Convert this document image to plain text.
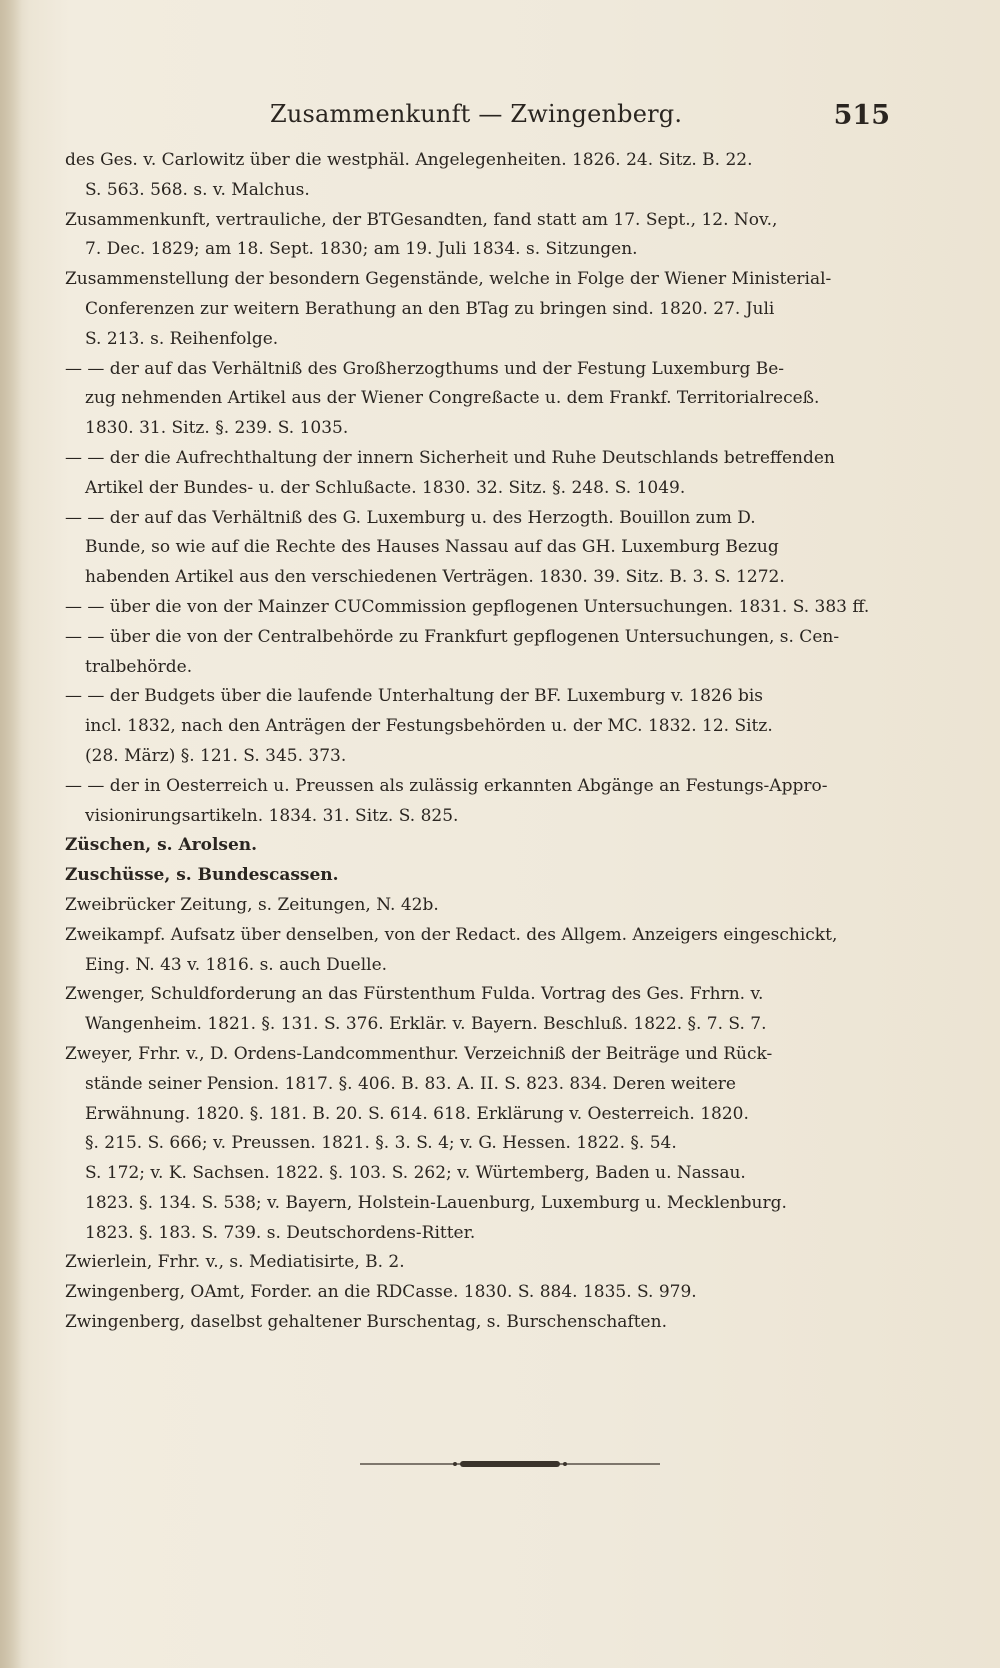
Zusammenkunft — Zwingenberg.	515

des Ges. v. Carlowitz über die westphäl. Angelegenheiten. 1826. 24. Sitz. B. 22.
S. 563. 568. s. v. Malchus.

Zusammenkunft, vertrauliche, der BTGesandten, fand statt am 17. Sept., 12. Nov.,
7. Dec. 1829; am 18. Sept. 1830; am 19. Juli 1834. s. Sitzungen.

Zusammenstellung der besondern Gegenstände, welche in Folge der Wiener Ministerial-
Conferenzen zur weitern Berathung an den BTag zu bringen sind. 1820. 27. Juli
S. 213. s. Reihenfolge.

— — der auf das Verhältniß des Großherzogthums und der Festung Luxemburg Be-
zug nehmenden Artikel aus der Wiener Congreßacte u. dem Frankf. Territorialreceß.
1830. 31. Sitz. §. 239. S. 1035.

— — der die Aufrechthaltung der innern Sicherheit und Ruhe Deutschlands betreffenden
Artikel der Bundes- u. der Schlußacte. 1830. 32. Sitz. §. 248. S. 1049.

— — der auf das Verhältniß des G. Luxemburg u. des Herzogth. Bouillon zum D.
Bunde, so wie auf die Rechte des Hauses Nassau auf das GH. Luxemburg Bezug
habenden Artikel aus den verschiedenen Verträgen. 1830. 39. Sitz. B. 3. S. 1272.

— — über die von der Mainzer CUCommission gepflogenen Untersuchungen. 1831. S. 383 ff.

— — über die von der Centralbehörde zu Frankfurt gepflogenen Untersuchungen, s. Cen-
tralbehörde.

— — der Budgets über die laufende Unterhaltung der BF. Luxemburg v. 1826 bis
incl. 1832, nach den Anträgen der Festungsbehörden u. der MC. 1832. 12. Sitz.
(28. März) §. 121. S. 345. 373.

— — der in Oesterreich u. Preussen als zulässig erkannten Abgänge an Festungs-Appro-
visionirungsartikeln. 1834. 31. Sitz. S. 825.

Züschen, s. Arolsen.

Zuschüsse, s. Bundescassen.

Zweibrücker Zeitung, s. Zeitungen, N. 42b.

Zweikampf. Aufsatz über denselben, von der Redact. des Allgem. Anzeigers eingeschickt,
Eing. N. 43 v. 1816. s. auch Duelle.

Zwenger, Schuldforderung an das Fürstenthum Fulda. Vortrag des Ges. Frhrn. v.
Wangenheim. 1821. §. 131. S. 376. Erklär. v. Bayern. Beschluß. 1822. §. 7. S. 7.

Zweyer, Frhr. v., D. Ordens-Landcommenthur. Verzeichniß der Beiträge und Rück-
stände seiner Pension. 1817. §. 406. B. 83. A. II. S. 823. 834. Deren weitere
Erwähnung. 1820. §. 181. B. 20. S. 614. 618. Erklärung v. Oesterreich. 1820.
§. 215. S. 666; v. Preussen. 1821. §. 3. S. 4; v. G. Hessen. 1822. §. 54.
S. 172; v. K. Sachsen. 1822. §. 103. S. 262; v. Würtemberg, Baden u. Nassau.
1823. §. 134. S. 538; v. Bayern, Holstein-Lauenburg, Luxemburg u. Mecklenburg.
1823. §. 183. S. 739. s. Deutschordens-Ritter.

Zwierlein, Frhr. v., s. Mediatisirte, B. 2.

Zwingenberg, OAmt, Forder. an die RDCasse. 1830. S. 884. 1835. S. 979.

Zwingenberg, daselbst gehaltener Burschentag, s. Burschenschaften.
